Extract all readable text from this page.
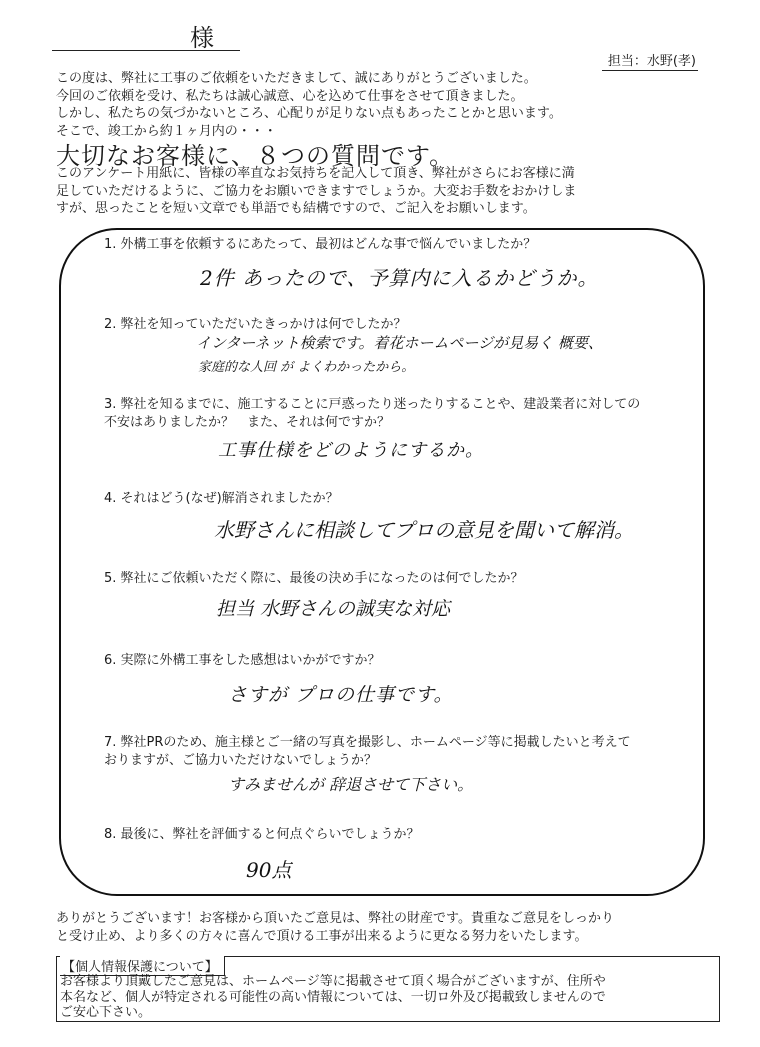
様
担当：水野(孝)

この度は、弊社に工事のご依頼をいただきまして、誠にありがとうございました。

今回のご依頼を受け、私たちは誠心誠意、心を込めて仕事をさせて頂きました。

しかし、私たちの気づかないところ、心配りが足りない点もあったことかと思います。

そこで、竣工から約１ヶ月内の・・・

大切なお客様に、８つの質問です。

このアンケート用紙に、皆様の率直なお気持ちを記入して頂き、弊社がさらにお客様に満

足していただけるように、ご協力をお願いできますでしょうか。大変お手数をおかけしま

すが、思ったことを短い文章でも単語でも結構ですので、ご記入をお願いします。

1. 外構工事を依頼するにあたって、最初はどんな事で悩んでいましたか？

2件 あったので、予算内に入るかどうか。

2. 弊社を知っていただいたきっかけは何でしたか？

インターネット検索です。着花ホームページが見易く 概要、
家庭的な人回 が よくわかったから。

3. 弊社を知るまでに、施工することに戸惑ったり迷ったりすることや、建設業者に対しての

不安はありましたか？　また、それは何ですか？

工事仕様をどのようにするか。

4. それはどう(なぜ)解消されましたか？

水野さんに相談してプロの意見を聞いて解消。

5. 弊社にご依頼いただく際に、最後の決め手になったのは何でしたか？

担当 水野さんの誠実な対応

6. 実際に外構工事をした感想はいかがですか？

さすが プロの仕事です。

7. 弊社PRのため、施主様とご一緒の写真を撮影し、ホームページ等に掲載したいと考えて

おりますが、ご協力いただけないでしょうか？

すみませんが 辞退させて下さい。

8. 最後に、弊社を評価すると何点ぐらいでしょうか？

90点

ありがとうございます！お客様から頂いたご意見は、弊社の財産です。貴重なご意見をしっかり

と受け止め、より多くの方々に喜んで頂ける工事が出来るように更なる努力をいたします。

【個人情報保護について】

お客様より頂戴したご意見は、ホームページ等に掲載させて頂く場合がございますが、住所や

本名など、個人が特定される可能性の高い情報については、一切ロ外及び掲載致しませんので

ご安心下さい。
